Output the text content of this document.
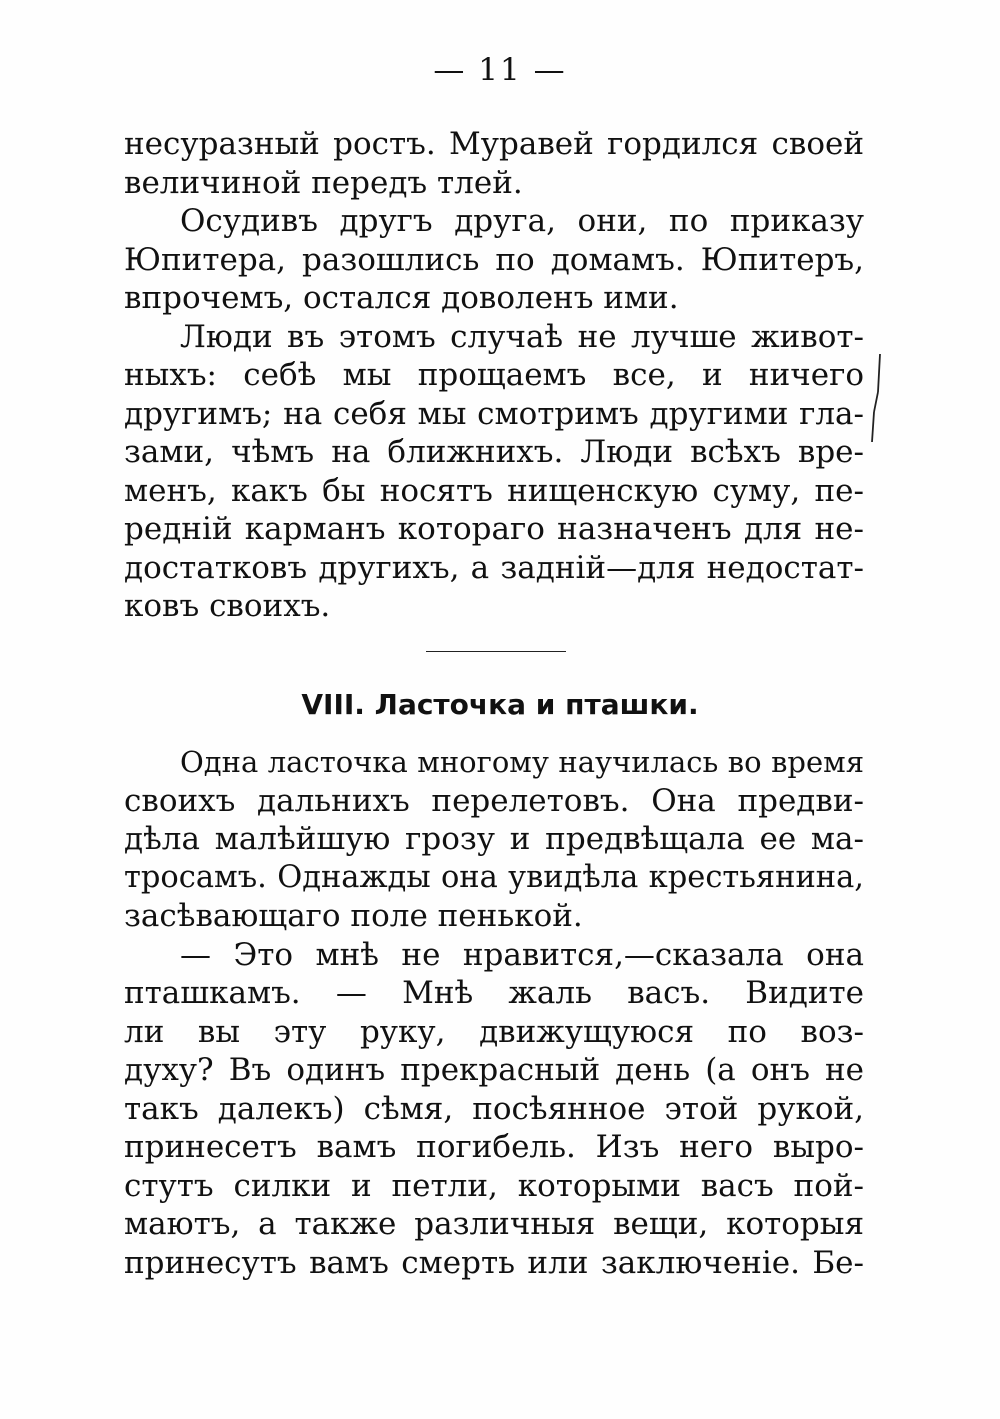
— 11 —
несуразный ростъ. Муравей гордился своей
величиной передъ тлей.
Осудивъ другъ друга, они, по приказу
Юпитера, разошлись по домамъ. Юпитеръ,
впрочемъ, остался доволенъ ими.
Люди въ этомъ случаѣ не лучше живот-
ныхъ: себѣ мы прощаемъ все, и ничего
другимъ; на себя мы смотримъ другими гла-
зами, чѣмъ на ближнихъ. Люди всѣхъ вре-
менъ, какъ бы носятъ нищенскую суму, пе-
редній карманъ котораго назначенъ для не-
достатковъ другихъ, а задній—для недостат-
ковъ своихъ.
VIII. Ласточка и пташки.
Одна ласточка многому научилась во время
своихъ дальнихъ перелетовъ. Она предви-
дѣла малѣйшую грозу и предвѣщала ее ма-
тросамъ. Однажды она увидѣла крестьянина,
засѣвающаго поле пенькой.
— Это мнѣ не нравится,—сказала она
пташкамъ. — Мнѣ жаль васъ. Видите
ли вы эту руку, движущуюся по воз-
духу? Въ одинъ прекрасный день (а онъ не
такъ далекъ) сѣмя, посѣянное этой рукой,
принесетъ вамъ погибель. Изъ него выро-
стутъ силки и петли, которыми васъ пой-
маютъ, а также различныя вещи, которыя
принесутъ вамъ смерть или заключеніе. Бе-
